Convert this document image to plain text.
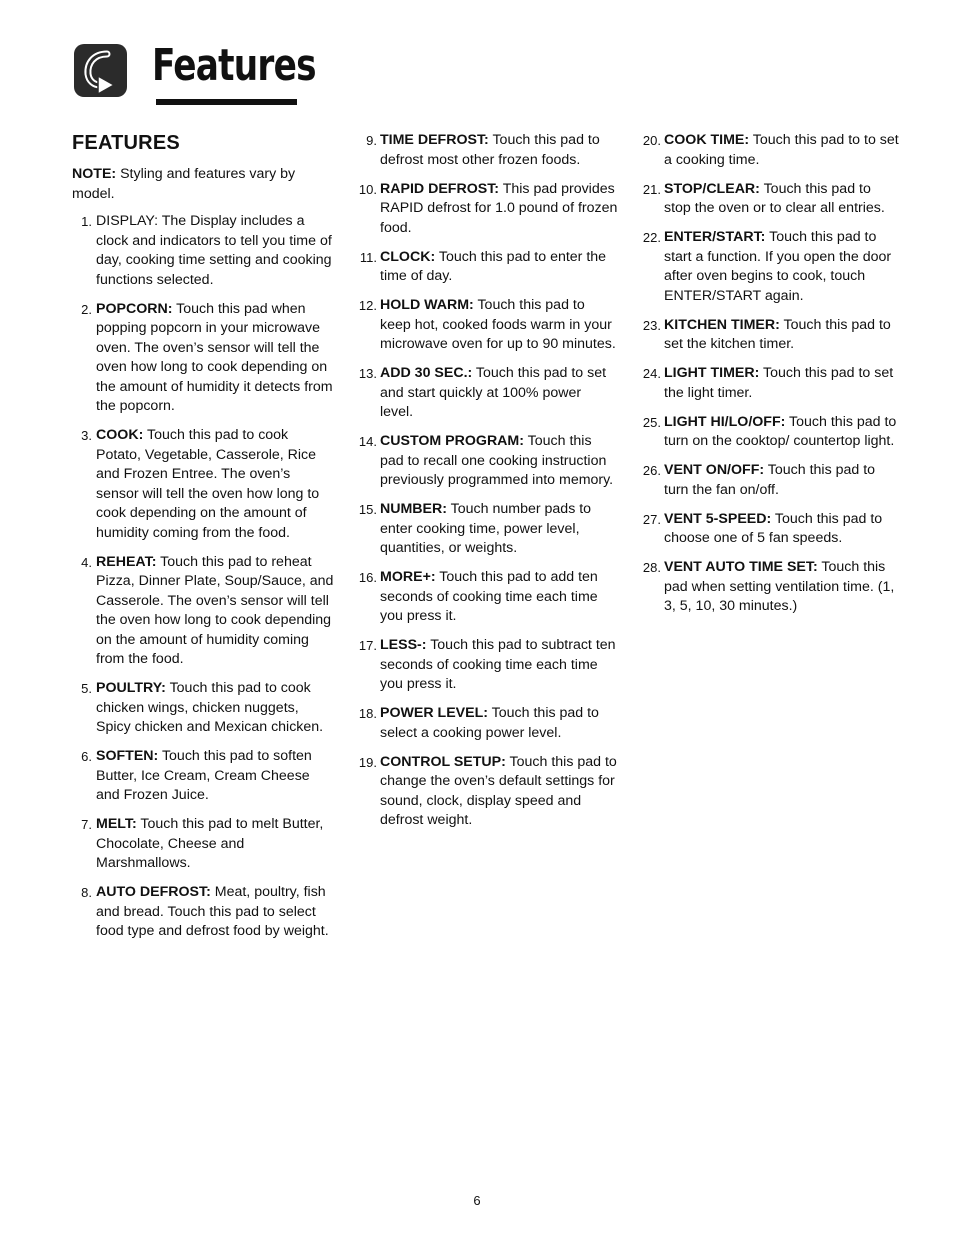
Features
FEATURES
NOTE: Styling and features vary by model.
1. DISPLAY: The Display includes a clock and indicators to tell you time of day, cooking time setting and cooking functions selected.
2. POPCORN: Touch this pad when popping popcorn in your microwave oven. The oven’s sensor will tell the oven how long to cook depending on the amount of humidity it detects from the popcorn.
3. COOK: Touch this pad to cook Potato, Vegetable, Casserole, Rice and Frozen Entree. The oven’s sensor will tell the oven how long to cook depending on the amount of humidity coming from the food.
4. REHEAT: Touch this pad to reheat Pizza, Dinner Plate, Soup/Sauce, and Casserole. The oven’s sensor will tell the oven how long to cook depending on the amount of humidity coming from the food.
5. POULTRY: Touch this pad to cook chicken wings, chicken nuggets, Spicy chicken and Mexican chicken.
6. SOFTEN: Touch this pad to soften Butter, Ice Cream, Cream Cheese and Frozen Juice.
7. MELT: Touch this pad to melt Butter, Chocolate, Cheese and Marshmallows.
8. AUTO DEFROST: Meat, poultry, fish and bread. Touch this pad to select food type and defrost food by weight.
9. TIME DEFROST: Touch this pad to defrost most other frozen foods.
10. RAPID DEFROST: This pad provides RAPID defrost for 1.0 pound of frozen food.
11. CLOCK: Touch this pad to enter the time of day.
12. HOLD WARM: Touch this pad to keep hot, cooked foods warm in your microwave oven for up to 90 minutes.
13. ADD 30 SEC.: Touch this pad to set and start quickly at 100% power level.
14. CUSTOM PROGRAM: Touch this pad to recall one cooking instruction previously programmed into memory.
15. NUMBER: Touch number pads to enter cooking time, power level, quantities, or weights.
16. MORE+: Touch this pad to add ten seconds of cooking time each time you press it.
17. LESS-: Touch this pad to subtract ten seconds of cooking time each time you press it.
18. POWER LEVEL: Touch this pad to select a cooking power level.
19. CONTROL SETUP: Touch this pad to change the oven’s default settings for sound, clock, display speed and defrost weight.
20. COOK TIME: Touch this pad to to set a cooking time.
21. STOP/CLEAR: Touch this pad to stop the oven or to clear all entries.
22. ENTER/START: Touch this pad to start a function. If you open the door after oven begins to cook, touch ENTER/START again.
23. KITCHEN TIMER: Touch this pad to set the kitchen timer.
24. LIGHT TIMER: Touch this pad to set the light timer.
25. LIGHT HI/LO/OFF: Touch this pad to turn on the cooktop/ countertop light.
26. VENT ON/OFF: Touch this pad to turn the fan on/off.
27. VENT 5-SPEED: Touch this pad to choose one of 5 fan speeds.
28. VENT AUTO TIME SET: Touch this pad when setting ventilation time. (1, 3, 5, 10, 30 minutes.)
6
